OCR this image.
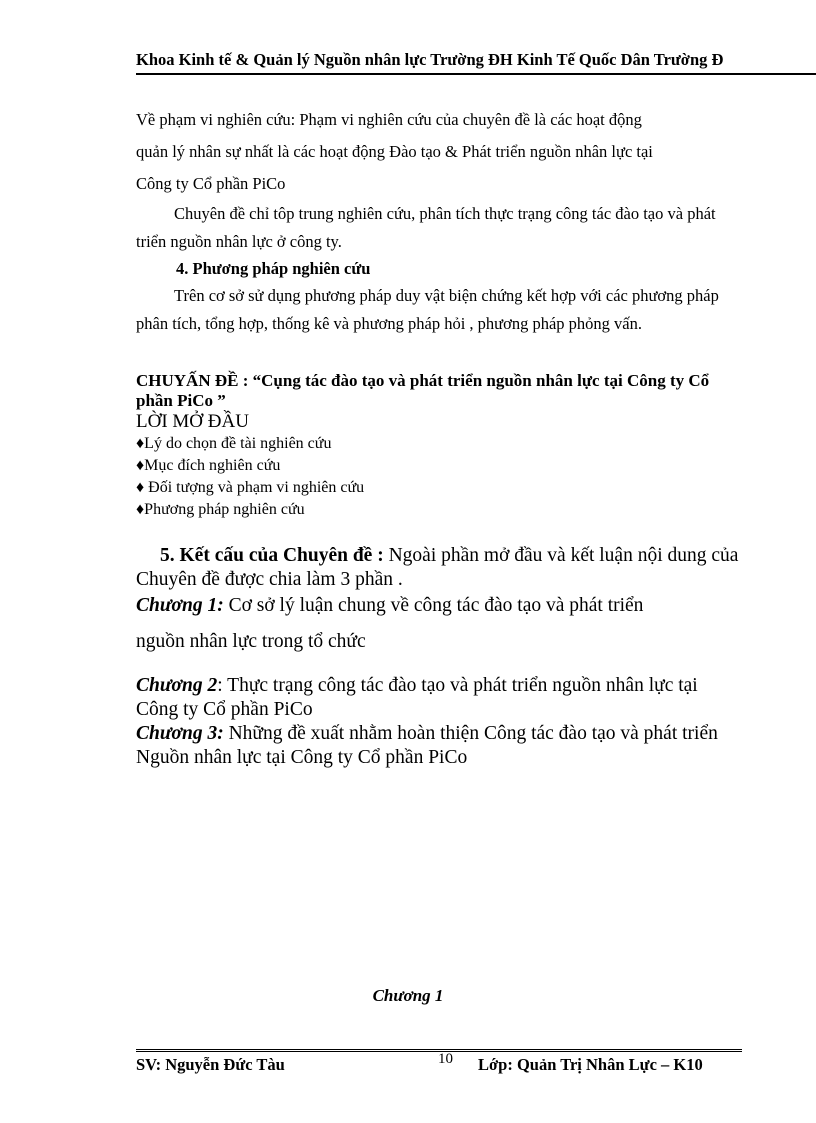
Khoa Kinh tế & Quản lý Nguồn nhân lực Trường ĐH Kinh Tế Quốc Dân Trường Đ

Về phạm vi nghiên cứu: Phạm vi nghiên cứu của chuyên đề là các hoạt động

quản lý nhân sự nhất là các hoạt động Đào tạo & Phát triển nguồn nhân lực tại

Công ty Cổ phần PiCo

Chuyên đề chỉ tôp trung nghiên cứu, phân tích thực trạng công tác đào tạo và phát triển nguồn nhân lực ở công ty.

4. Phương pháp nghiên cứu

Trên cơ sở sử dụng phương pháp duy vật biện chứng kết hợp với các phương pháp phân tích, tổng hợp, thống kê và phương pháp hỏi , phương pháp phỏng vấn.

CHUYẤN ĐỀ : “Cụng tác đào tạo và phát triển nguồn nhân lực tại Công ty Cổ phần PiCo ”
LỜI MỞ ĐẦU
♦Lý do chọn đề tài nghiên cứu
♦Mục đích nghiên cứu
♦ Đối tượng và phạm vi nghiên cứu
♦Phương pháp nghiên cứu

5. Kết cấu của Chuyên đề : Ngoài phần mở đầu và kết luận nội dung của Chuyên đề được chia làm 3 phần .

Chương 1: Cơ sở lý luận chung về công tác đào tạo và phát triển

nguồn nhân lực trong tổ chức

Chương 2: Thực trạng công tác đào tạo và phát triển nguồn nhân lực tại Công ty Cổ phần PiCo

Chương 3: Những đề xuất nhằm hoàn thiện Công tác đào tạo và phát triển Nguồn nhân lực tại Công ty Cổ phần PiCo

Chương 1
SV: Nguyễn Đức Tàu	10 Lớp: Quản Trị Nhân Lực – K10
